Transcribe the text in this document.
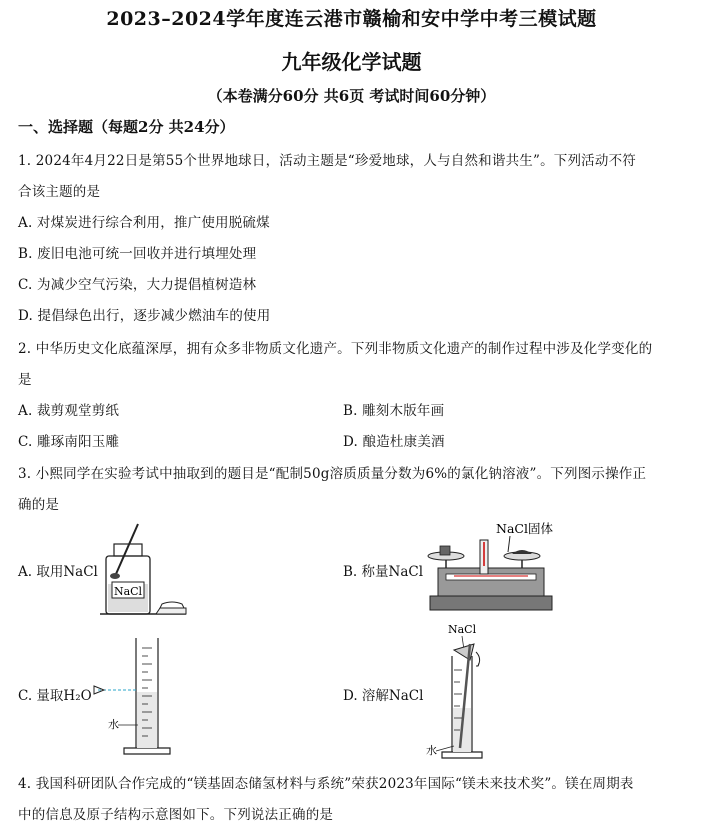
2023–2024学年度连云港市赣榆和安中学中考三模试题
九年级化学试题
（本卷满分60分 共6页 考试时间60分钟）
一、选择题（每题2分 共24分）
1. 2024年4月22日是第55个世界地球日，活动主题是“珍爱地球，人与自然和谐共生”。下列活动不符
合该主题的是
A. 对煤炭进行综合利用，推广使用脱硫煤
B. 废旧电池可统一回收并进行填埋处理
C. 为减少空气污染，大力提倡植树造林
D. 提倡绿色出行，逐步减少燃油车的使用
2. 中华历史文化底蕴深厚，拥有众多非物质文化遗产。下列非物质文化遗产的制作过程中涉及化学变化的
是
A. 裁剪观堂剪纸	B. 雕刻木版年画
C. 雕琢南阳玉雕	D. 酿造杜康美酒
3. 小熙同学在实验考试中抽取到的题目是“配制50g溶质质量分数为6%的氯化钠溶液”。下列图示操作正
确的是
A. 取用NaCl	B. 称量NaCl
C. 量取H₂O	D. 溶解NaCl
NaCl
NaCl固体
水
NaCl
水
4. 我国科研团队合作完成的“镁基固态储氢材料与系统”荣获2023年国际“镁未来技术奖”。镁在周期表
中的信息及原子结构示意图如下。下列说法正确的是
